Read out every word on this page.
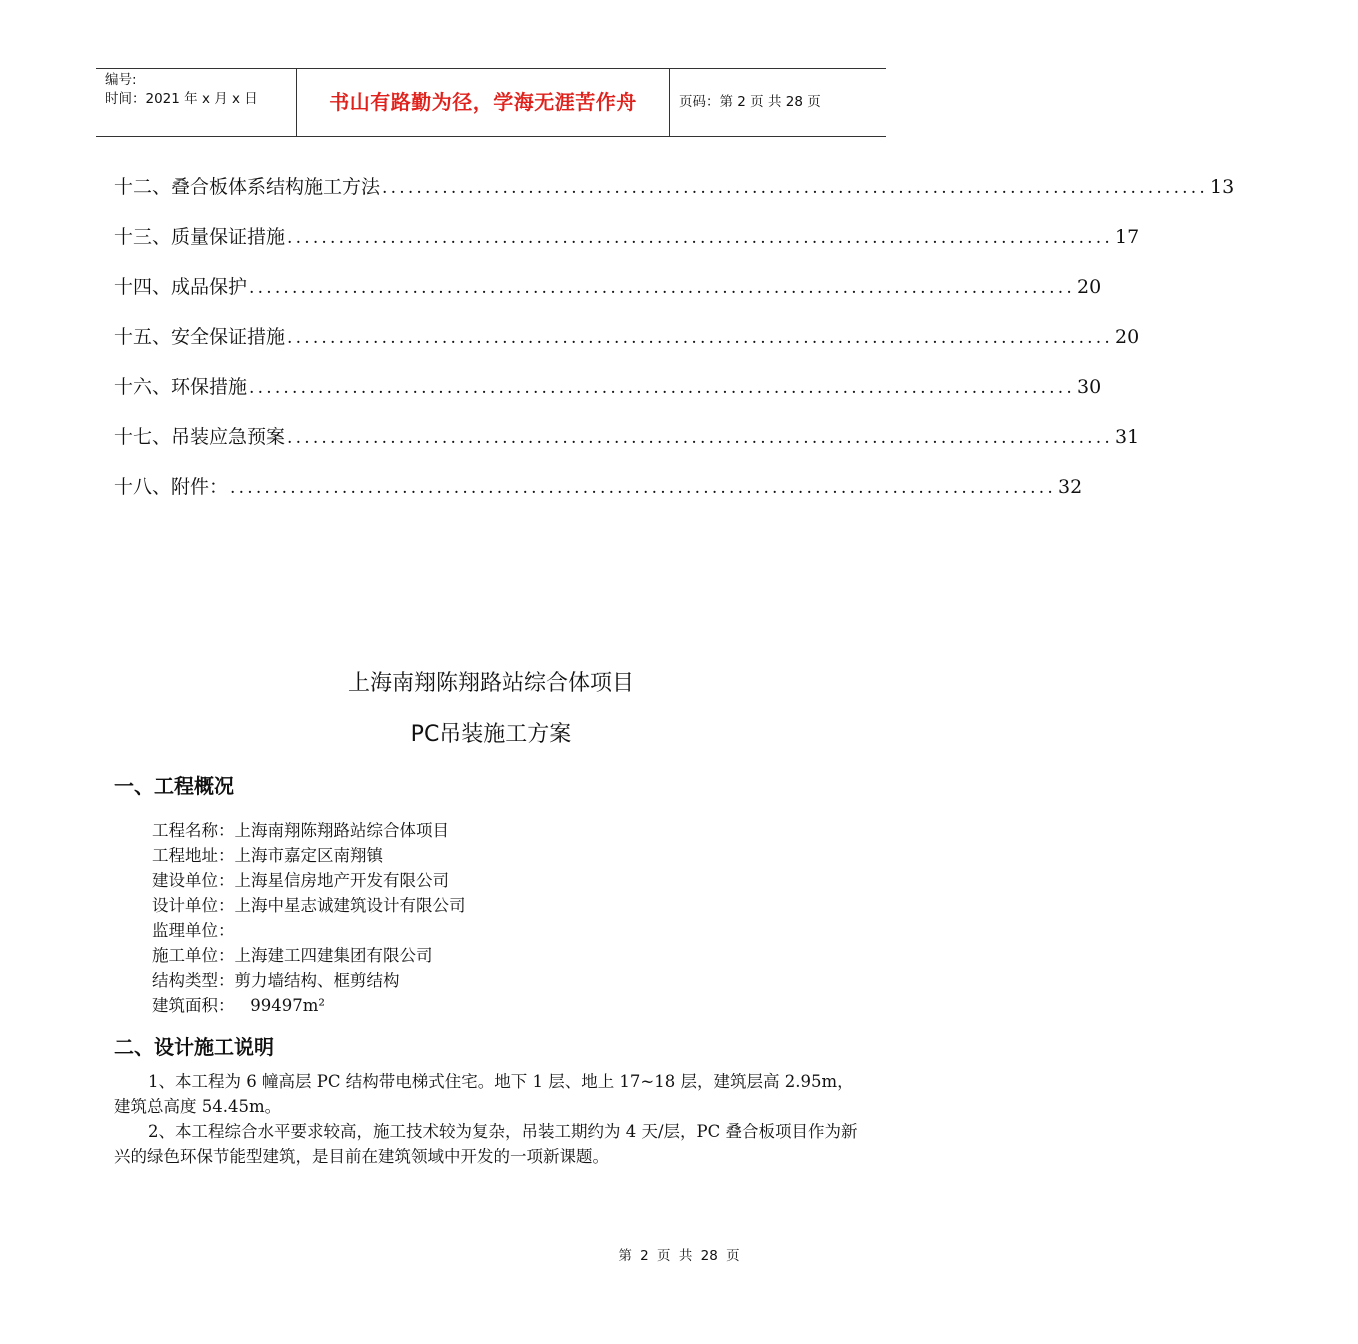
编号:
时间：2021 年 x 月 x 日	书山有路勤为径，学海无涯苦作舟	页码：第 2 页 共 28 页
十二、叠合板体系结构施工方法 ................................................................................................ 13
十三、质量保证措施 ................................................................................................ 17
十四、成品保护 ................................................................................................ 20
十五、安全保证措施 ................................................................................................ 20
十六、环保措施 ................................................................................................ 30
十七、吊装应急预案 ................................................................................................ 31
十八、附件： ................................................................................................ 32
上海南翔陈翔路站综合体项目
PC吊装施工方案
一、工程概况
工程名称：上海南翔陈翔路站综合体项目
工程地址：上海市嘉定区南翔镇
建设单位：上海星信房地产开发有限公司
设计单位：上海中星志诚建筑设计有限公司
监理单位：
施工单位：上海建工四建集团有限公司
结构类型：剪力墙结构、框剪结构
建筑面积：   99497m²
二、设计施工说明

1、本工程为 6 幢高层 PC 结构带电梯式住宅。地下 1 层、地上 17~18 层，建筑层高 2.95m，建筑总高度 54.45m。

2、本工程综合水平要求较高，施工技术较为复杂，吊装工期约为 4 天/层，PC 叠合板项目作为新兴的绿色环保节能型建筑，是目前在建筑领域中开发的一项新课题。

第 2 页 共 28 页
